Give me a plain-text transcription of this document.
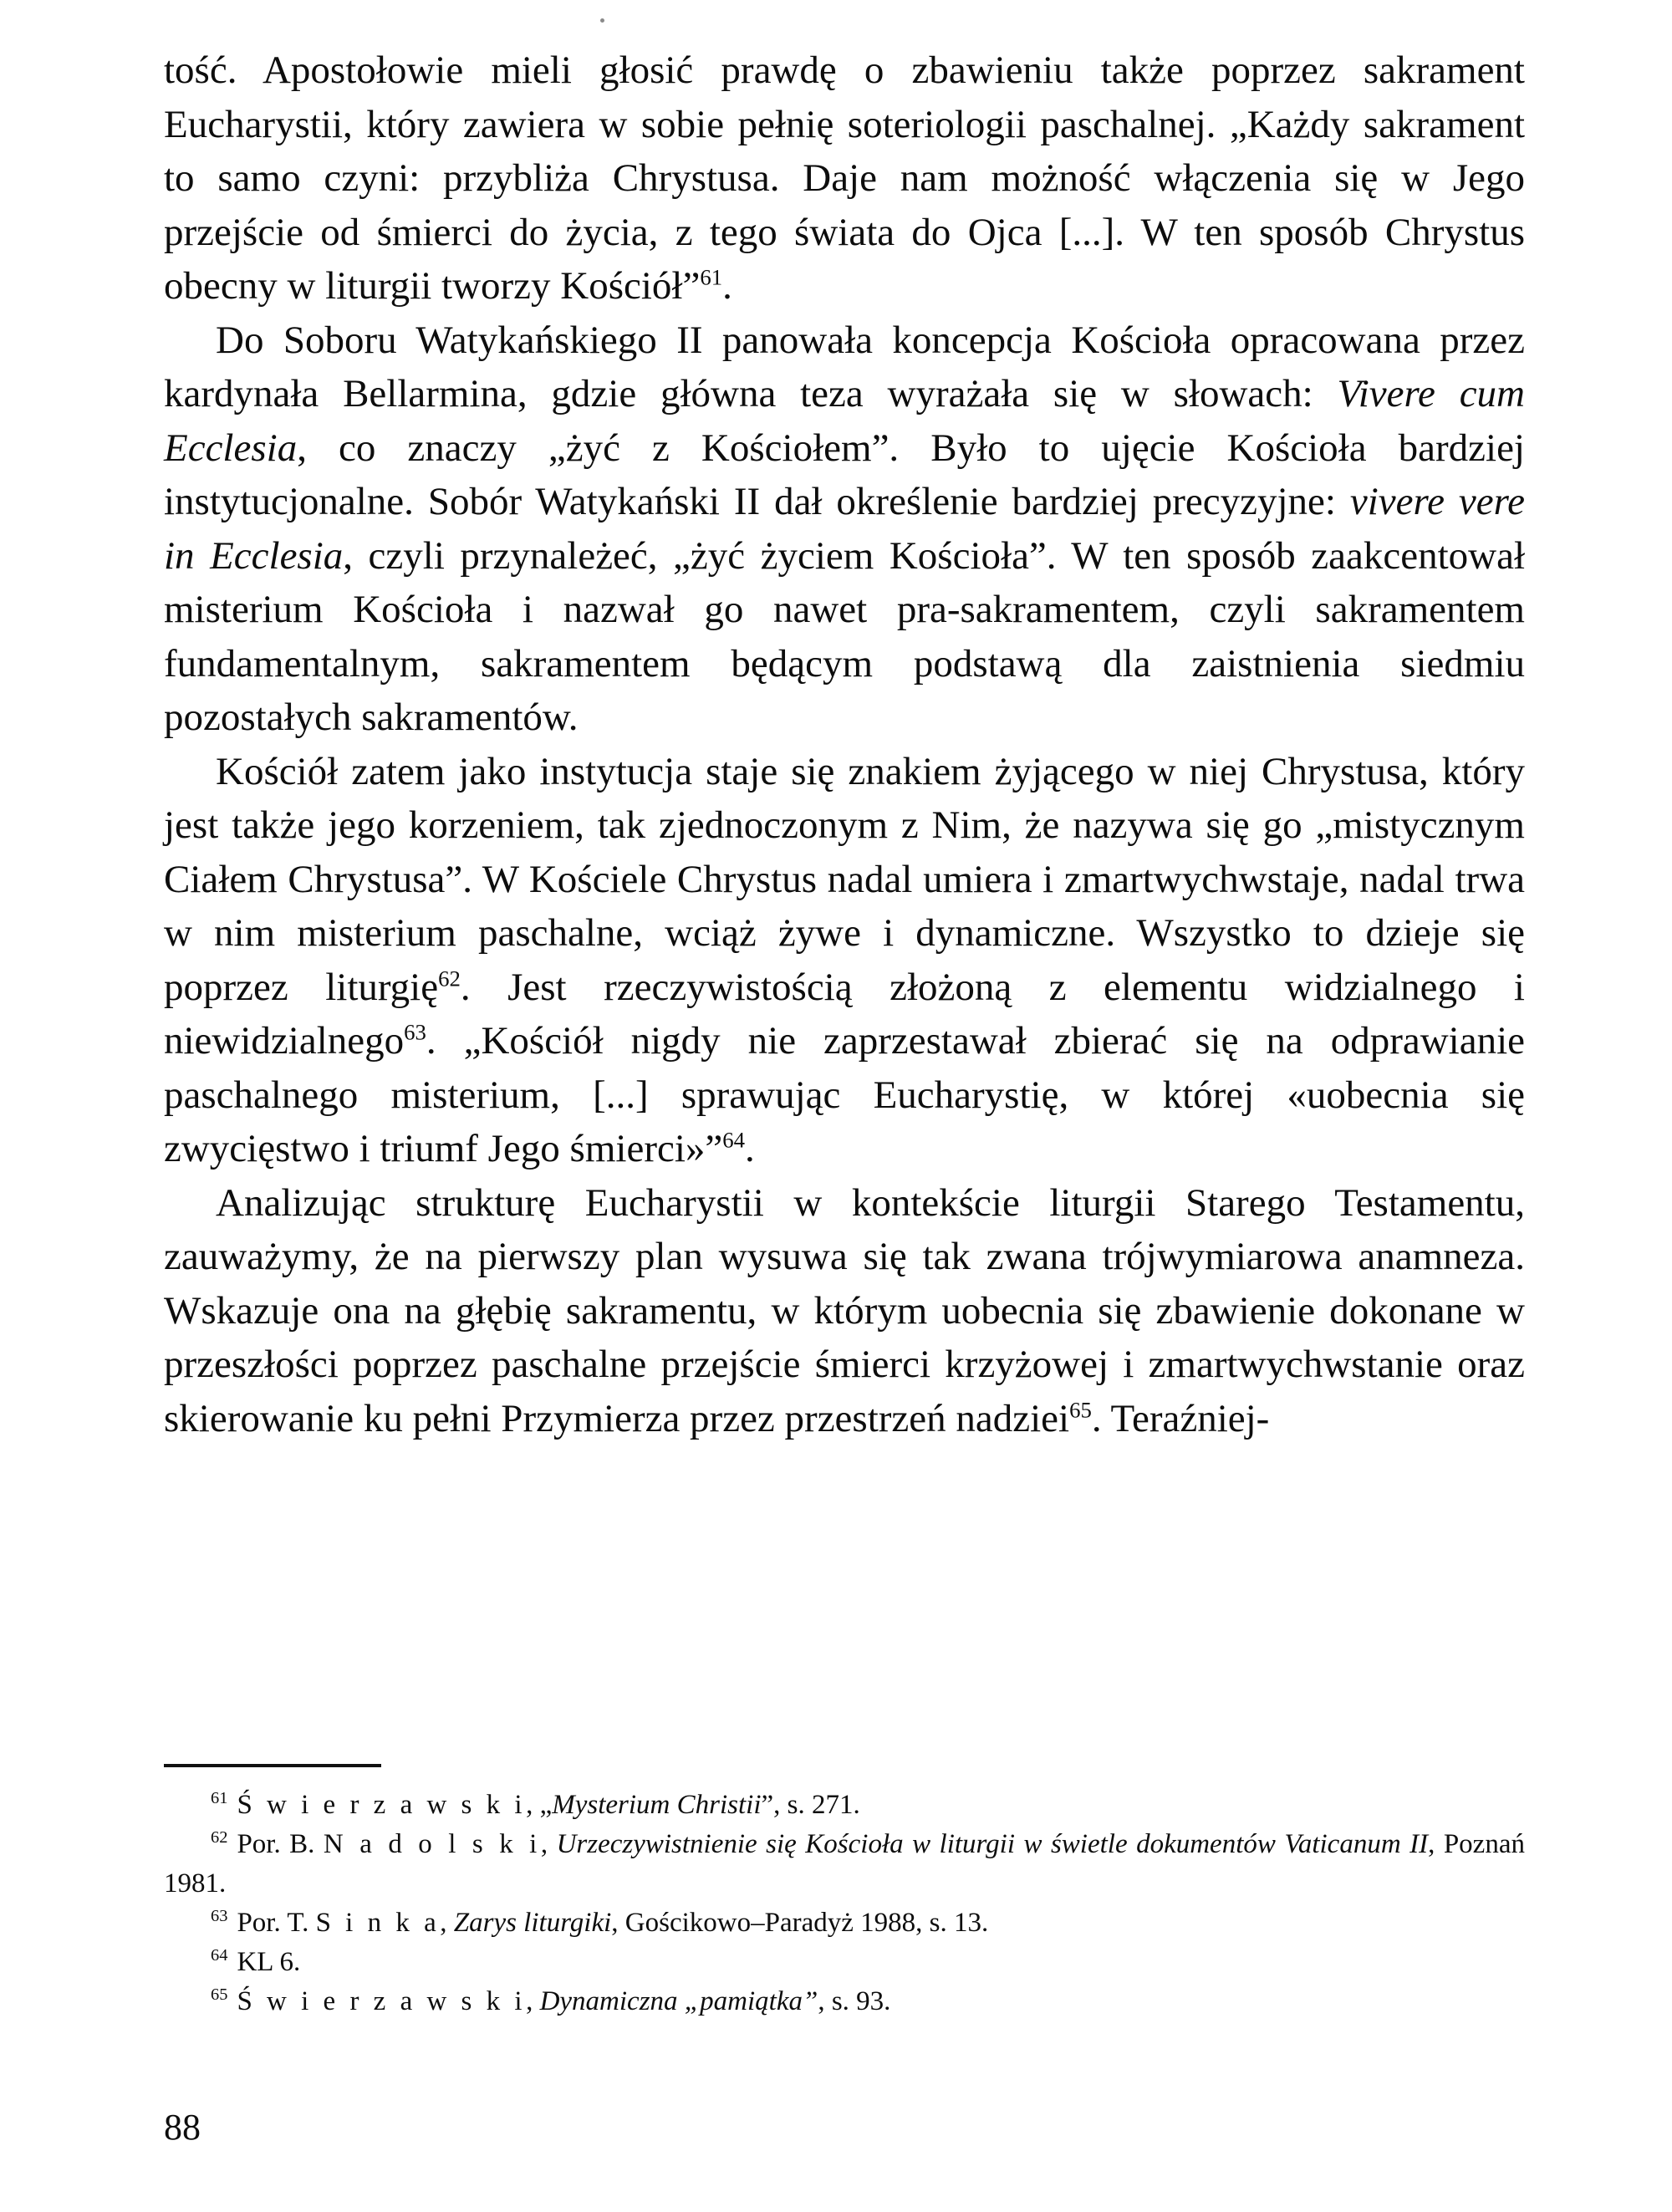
tość. Apostołowie mieli głosić prawdę o zbawieniu także poprzez sakrament Eucharystii, który zawiera w sobie pełnię soteriologii paschalnej. „Każdy sakrament to samo czyni: przybliża Chrystusa. Daje nam możność włączenia się w Jego przejście od śmierci do życia, z tego świata do Ojca [...]. W ten sposób Chrystus obecny w liturgii tworzy Kościół”$^{61}$.

Do Soboru Watykańskiego II panowała koncepcja Kościoła opracowana przez kardynała Bellarmina, gdzie główna teza wyrażała się w słowach: Vivere cum Ecclesia, co znaczy „żyć z Kościołem”. Było to ujęcie Kościoła bardziej instytucjonalne. Sobór Watykański II dał określenie bardziej precyzyjne: vivere vere in Ecclesia, czyli przynależeć, „żyć życiem Kościoła”. W ten sposób zaakcentował misterium Kościoła i nazwał go nawet pra-sakramentem, czyli sakramentem fundamentalnym, sakramentem będącym podstawą dla zaistnienia siedmiu pozostałych sakramentów.

Kościół zatem jako instytucja staje się znakiem żyjącego w niej Chrystusa, który jest także jego korzeniem, tak zjednoczonym z Nim, że nazywa się go „mistycznym Ciałem Chrystusa”. W Kościele Chrystus nadal umiera i zmartwychwstaje, nadal trwa w nim misterium paschalne, wciąż żywe i dynamiczne. Wszystko to dzieje się poprzez liturgię$^{62}$. Jest rzeczywistością złożoną z elementu widzialnego i niewidzialnego$^{63}$. „Kościół nigdy nie zaprzestawał zbierać się na odprawianie paschalnego misterium, [...] sprawując Eucharystię, w której «uobecnia się zwycięstwo i triumf Jego śmierci»”$^{64}$.

Analizując strukturę Eucharystii w kontekście liturgii Starego Testamentu, zauważymy, że na pierwszy plan wysuwa się tak zwana trójwymiarowa anamneza. Wskazuje ona na głębię sakramentu, w którym uobecnia się zbawienie dokonane w przeszłości poprzez paschalne przejście śmierci krzyżowej i zmartwychwstanie oraz skierowanie ku pełni Przymierza przez przestrzeń nadziei$^{65}$. Teraźniej-

$^{61}$ Ś w i e r z a w s k i, „Mysterium Christii”, s. 271.

$^{62}$ Por. B. N a d o l s k i, Urzeczywistnienie się Kościoła w liturgii w świetle dokumentów Vaticanum II, Poznań 1981.

$^{63}$ Por. T. S i n k a, Zarys liturgiki, Gościkowo–Paradyż 1988, s. 13.

$^{64}$ KL 6.

$^{65}$ Ś w i e r z a w s k i, Dynamiczna „pamiątka”, s. 93.

88
